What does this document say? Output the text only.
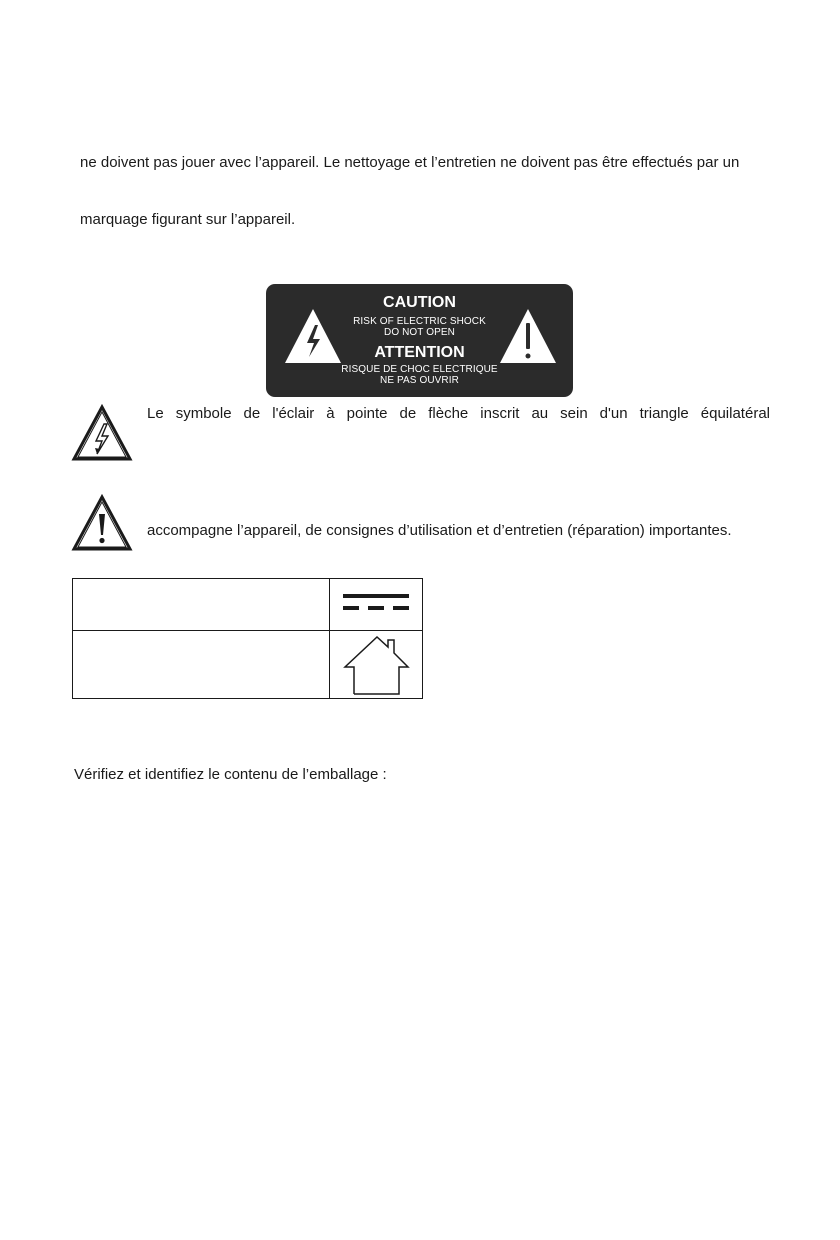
ne doivent pas jouer avec l’appareil. Le nettoyage et l’entretien ne doivent pas être effectués par un
marquage figurant sur l’appareil.
CAUTION
RISK OF ELECTRIC SHOCK
DO NOT OPEN
ATTENTION
RISQUE DE CHOC ELECTRIQUE
NE PAS OUVRIR
Le symbole de l'éclair à pointe de flèche inscrit au sein d'un triangle équilatéral
accompagne l’appareil, de consignes d’utilisation et d’entretien (réparation) importantes.
Vérifiez et identifiez le contenu de l’emballage :
